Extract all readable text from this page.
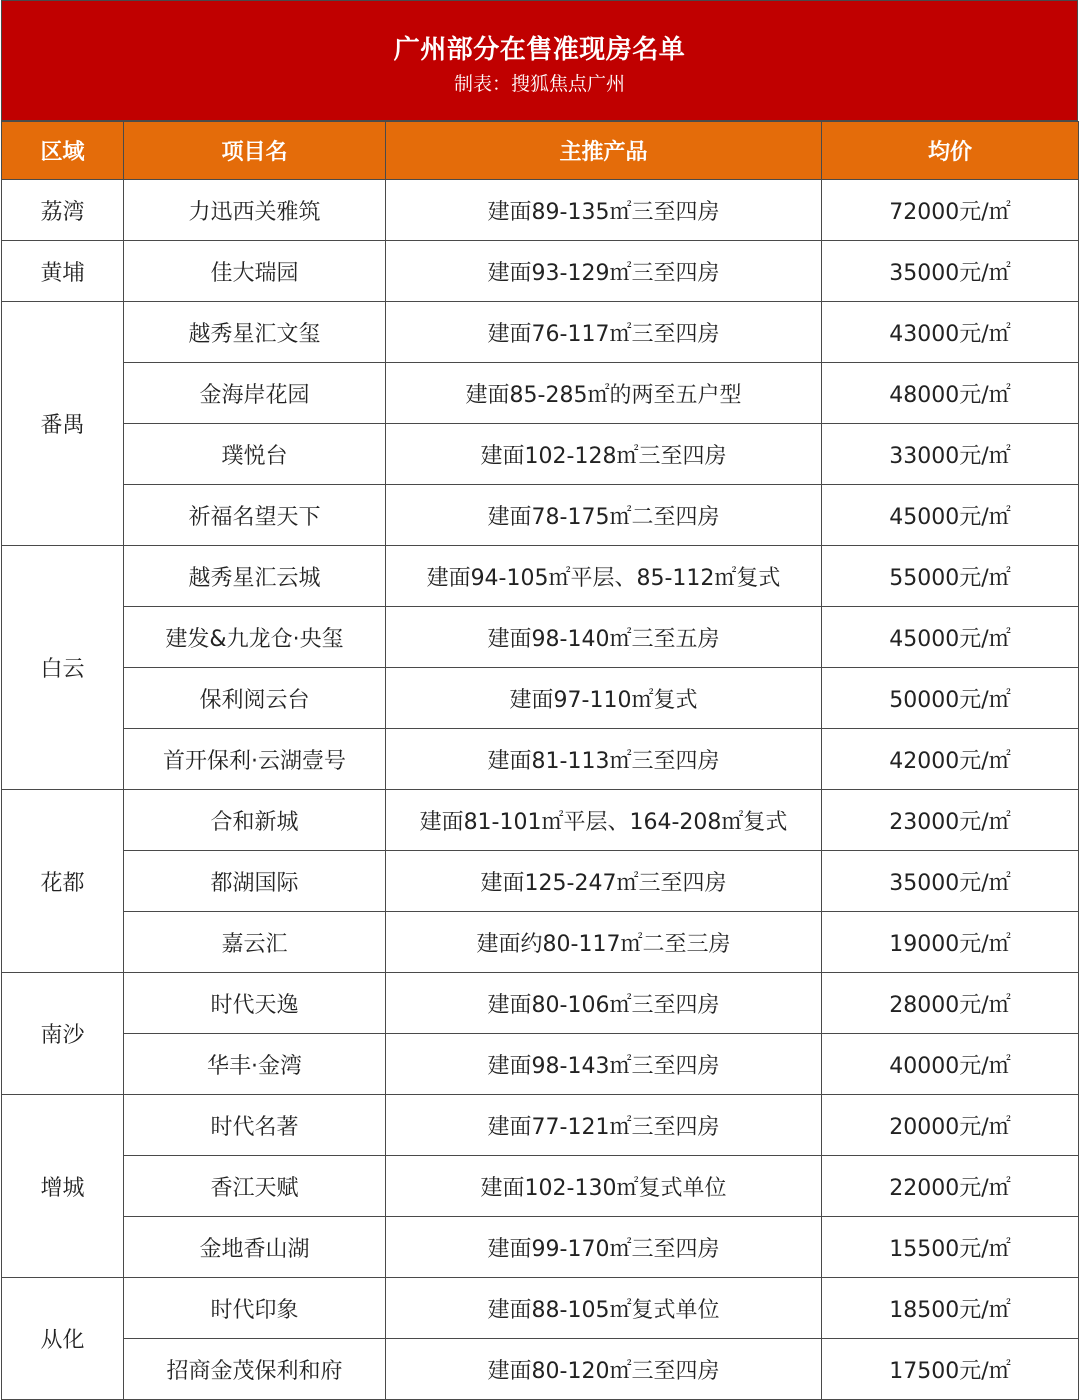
广州部分在售准现房名单
制表：搜狐焦点广州
区域	项目名	主推产品	均价
荔湾	力迅西关雅筑	建面89-135㎡三至四房	72000元/㎡
黄埔	佳大瑞园	建面93-129㎡三至四房	35000元/㎡
番禺	越秀星汇文玺	建面76-117㎡三至四房	43000元/㎡
	金海岸花园	建面85-285㎡的两至五户型	48000元/㎡
	璞悦台	建面102-128㎡三至四房	33000元/㎡
	祈福名望天下	建面78-175㎡二至四房	45000元/㎡
白云	越秀星汇云城	建面94-105㎡平层、85-112㎡复式	55000元/㎡
	建发&九龙仓·央玺	建面98-140㎡三至五房	45000元/㎡
	保利阅云台	建面97-110㎡复式	50000元/㎡
	首开保利·云湖壹号	建面81-113㎡三至四房	42000元/㎡
花都	合和新城	建面81-101㎡平层、164-208㎡复式	23000元/㎡
	都湖国际	建面125-247㎡三至四房	35000元/㎡
	嘉云汇	建面约80-117㎡二至三房	19000元/㎡
南沙	时代天逸	建面80-106㎡三至四房	28000元/㎡
	华丰·金湾	建面98-143㎡三至四房	40000元/㎡
增城	时代名著	建面77-121㎡三至四房	20000元/㎡
	香江天赋	建面102-130㎡复式单位	22000元/㎡
	金地香山湖	建面99-170㎡三至四房	15500元/㎡
从化	时代印象	建面88-105㎡复式单位	18500元/㎡
	招商金茂保利和府	建面80-120㎡三至四房	17500元/㎡
